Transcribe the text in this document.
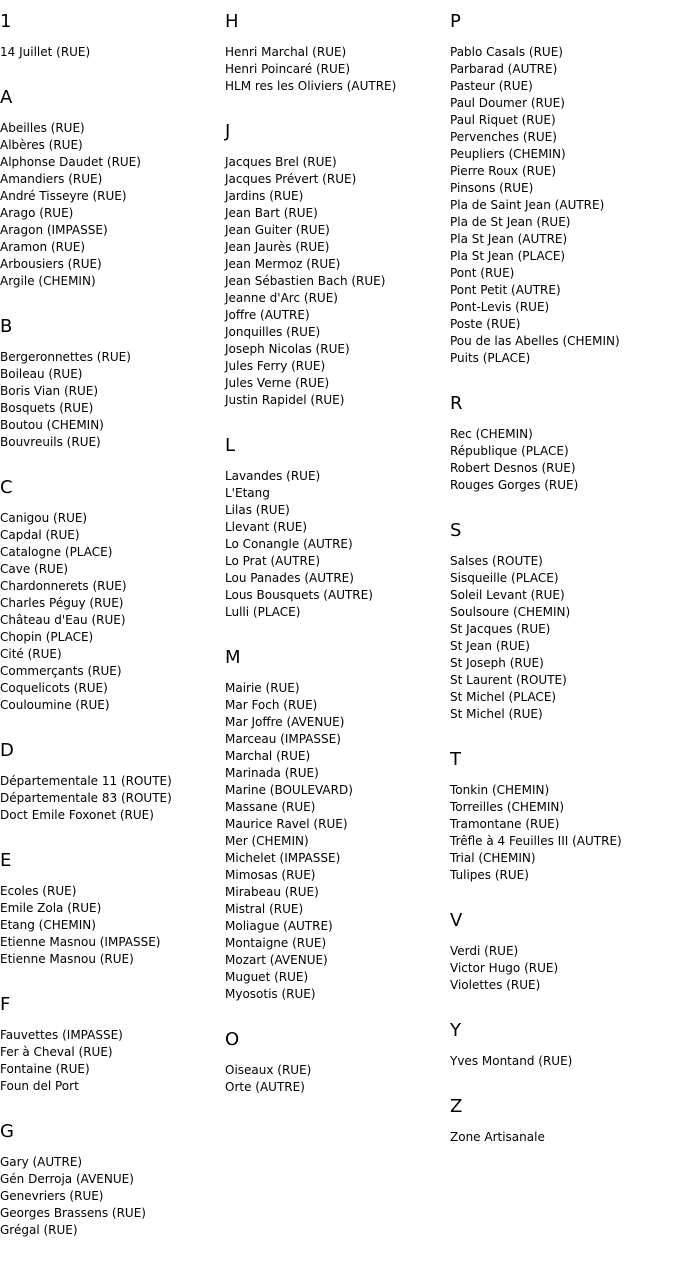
1
14 Juillet (RUE)
A
Abeilles (RUE)
Albères (RUE)
Alphonse Daudet (RUE)
Amandiers (RUE)
André Tisseyre (RUE)
Arago (RUE)
Aragon (IMPASSE)
Aramon (RUE)
Arbousiers (RUE)
Argile (CHEMIN)
B
Bergeronnettes (RUE)
Boileau (RUE)
Boris Vian (RUE)
Bosquets (RUE)
Boutou (CHEMIN)
Bouvreuils (RUE)
C
Canigou (RUE)
Capdal (RUE)
Catalogne (PLACE)
Cave (RUE)
Chardonnerets (RUE)
Charles Péguy (RUE)
Château d'Eau (RUE)
Chopin (PLACE)
Cité (RUE)
Commerçants (RUE)
Coquelicots (RUE)
Couloumine (RUE)
D
Départementale 11 (ROUTE)
Départementale 83 (ROUTE)
Doct Emile Foxonet (RUE)
E
Ecoles (RUE)
Emile Zola (RUE)
Etang (CHEMIN)
Etienne Masnou (IMPASSE)
Etienne Masnou (RUE)
F
Fauvettes (IMPASSE)
Fer à Cheval (RUE)
Fontaine (RUE)
Foun del Port
G
Gary (AUTRE)
Gén Derroja (AVENUE)
Genevriers (RUE)
Georges Brassens (RUE)
Grégal (RUE)
H
Henri Marchal (RUE)
Henri Poincaré (RUE)
HLM res les Oliviers (AUTRE)
J
Jacques Brel (RUE)
Jacques Prévert (RUE)
Jardins (RUE)
Jean Bart (RUE)
Jean Guiter (RUE)
Jean Jaurès (RUE)
Jean Mermoz (RUE)
Jean Sébastien Bach (RUE)
Jeanne d'Arc (RUE)
Joffre (AUTRE)
Jonquilles (RUE)
Joseph Nicolas (RUE)
Jules Ferry (RUE)
Jules Verne (RUE)
Justin Rapidel (RUE)
L
Lavandes (RUE)
L'Etang
Lilas (RUE)
Llevant (RUE)
Lo Conangle (AUTRE)
Lo Prat (AUTRE)
Lou Panades (AUTRE)
Lous Bousquets (AUTRE)
Lulli (PLACE)
M
Mairie (RUE)
Mar Foch (RUE)
Mar Joffre (AVENUE)
Marceau (IMPASSE)
Marchal (RUE)
Marinada (RUE)
Marine (BOULEVARD)
Massane (RUE)
Maurice Ravel (RUE)
Mer (CHEMIN)
Michelet (IMPASSE)
Mimosas (RUE)
Mirabeau (RUE)
Mistral (RUE)
Moliague (AUTRE)
Montaigne (RUE)
Mozart (AVENUE)
Muguet (RUE)
Myosotis (RUE)
O
Oiseaux (RUE)
Orte (AUTRE)
P
Pablo Casals (RUE)
Parbarad (AUTRE)
Pasteur (RUE)
Paul Doumer (RUE)
Paul Riquet (RUE)
Pervenches (RUE)
Peupliers (CHEMIN)
Pierre Roux (RUE)
Pinsons (RUE)
Pla de Saint Jean (AUTRE)
Pla de St Jean (RUE)
Pla St Jean (AUTRE)
Pla St Jean (PLACE)
Pont (RUE)
Pont Petit (AUTRE)
Pont-Levis (RUE)
Poste (RUE)
Pou de las Abelles (CHEMIN)
Puits (PLACE)
R
Rec (CHEMIN)
République (PLACE)
Robert Desnos (RUE)
Rouges Gorges (RUE)
S
Salses (ROUTE)
Sisqueille (PLACE)
Soleil Levant (RUE)
Soulsoure (CHEMIN)
St Jacques (RUE)
St Jean (RUE)
St Joseph (RUE)
St Laurent (ROUTE)
St Michel (PLACE)
St Michel (RUE)
T
Tonkin (CHEMIN)
Torreilles (CHEMIN)
Tramontane (RUE)
Trêfle à 4 Feuilles III (AUTRE)
Trial (CHEMIN)
Tulipes (RUE)
V
Verdi (RUE)
Victor Hugo (RUE)
Violettes (RUE)
Y
Yves Montand (RUE)
Z
Zone Artisanale
